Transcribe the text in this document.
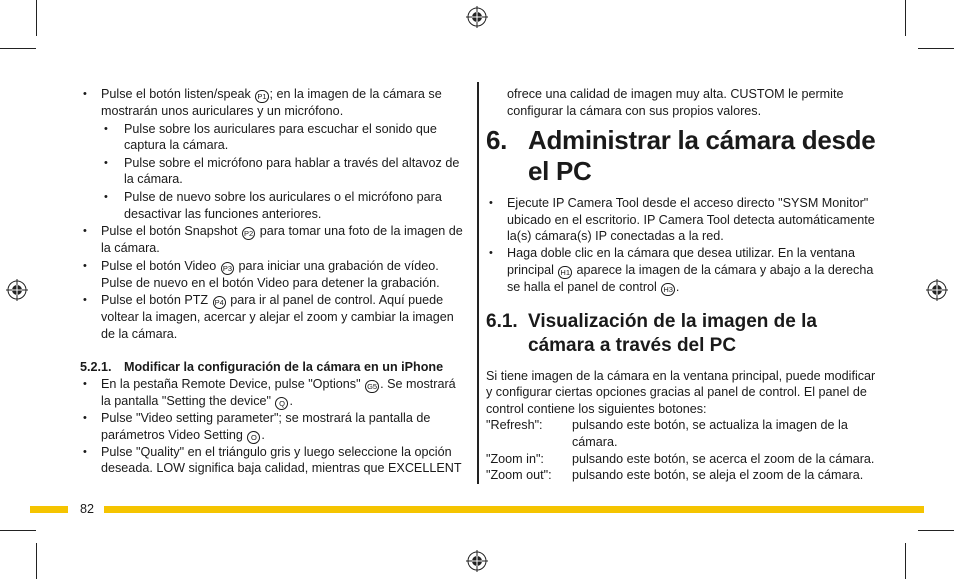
• Pulse el botón listen/speak P1 ; en la imagen de la cámara se mostrarán unos auriculares y un micrófono.
• Pulse sobre los auriculares para escuchar el sonido que captura la cámara.
• Pulse sobre el micrófono para hablar a través del altavoz de la cámara.
• Pulse de nuevo sobre los auriculares o el micrófono para desactivar las funciones anteriores.
• Pulse el botón Snapshot P2 para tomar una foto de la imagen de la cámara.
• Pulse el botón Video P3 para iniciar una grabación de vídeo. Pulse de nuevo en el botón Video para detener la grabación.
• Pulse el botón PTZ P4 para ir al panel de control. Aquí puede voltear la imagen, acercar y alejar el zoom y cambiar la imagen de la cámara.
5.2.1. Modificar la configuración de la cámara en un iPhone
• En la pestaña Remote Device, pulse "Options" G5 . Se mostrará la pantalla "Setting the device" Q .
• Pulse "Video setting parameter"; se mostrará la pantalla de parámetros Video Setting O .
• Pulse "Quality" en el triángulo gris y luego seleccione la opción deseada. LOW significa baja calidad, mientras que EXCELLENT
ofrece una calidad de imagen muy alta. CUSTOM le permite configurar la cámara con sus propios valores.
6. Administrar la cámara desde el PC
• Ejecute IP Camera Tool desde el acceso directo "SYSM Monitor" ubicado en el escritorio. IP Camera Tool detecta automáticamente la(s) cámara(s) IP conectadas a la red.
• Haga doble clic en la cámara que desea utilizar. En la ventana principal H1 aparece la imagen de la cámara y abajo a la derecha se halla el panel de control H3 .
6.1. Visualización de la imagen de la cámara a través del PC
Si tiene imagen de la cámara en la ventana principal, puede modificar y configurar ciertas opciones gracias al panel de control. El panel de control contiene los siguientes botones:
"Refresh":	pulsando este botón, se actualiza la imagen de la cámara.
"Zoom in":	pulsando este botón, se acerca el zoom de la cámara.
"Zoom out":	pulsando este botón, se aleja el zoom de la cámara.
82
